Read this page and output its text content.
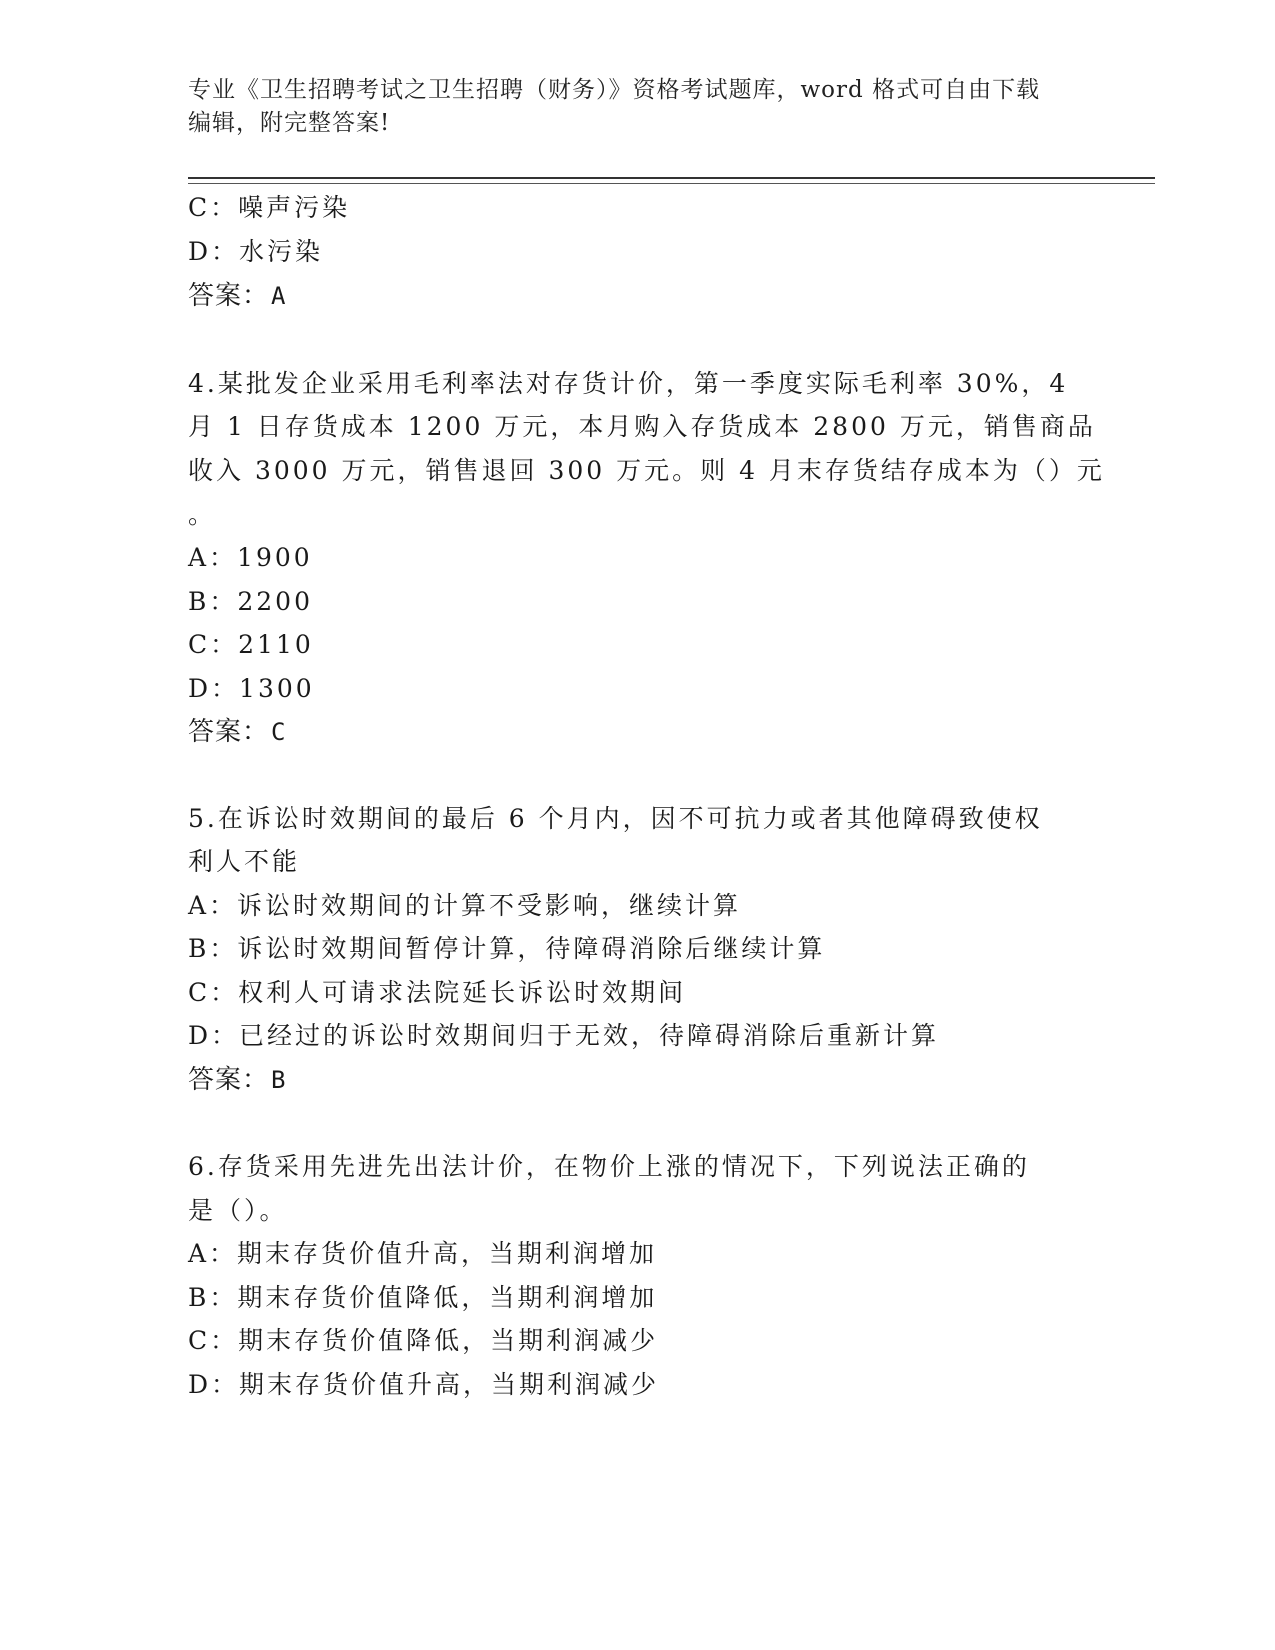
专业《卫生招聘考试之卫生招聘（财务）》资格考试题库，word 格式可自由下载
编辑，附完整答案!
C：噪声污染
D：水污染
答案：A
4.某批发企业采用毛利率法对存货计价，第一季度实际毛利率 30%，4
月 1 日存货成本 1200 万元，本月购入存货成本 2800 万元，销售商品
收入 3000 万元，销售退回 300 万元。则 4 月末存货结存成本为（）元
。
A：1900
B：2200
C：2110
D：1300
答案：C
5.在诉讼时效期间的最后 6 个月内，因不可抗力或者其他障碍致使权
利人不能
A：诉讼时效期间的计算不受影响，继续计算
B：诉讼时效期间暂停计算，待障碍消除后继续计算
C：权利人可请求法院延长诉讼时效期间
D：已经过的诉讼时效期间归于无效，待障碍消除后重新计算
答案：B
6.存货采用先进先出法计价，在物价上涨的情况下，下列说法正确的
是（）。
A：期末存货价值升高，当期利润增加
B：期末存货价值降低，当期利润增加
C：期末存货价值降低，当期利润减少
D：期末存货价值升高，当期利润减少
